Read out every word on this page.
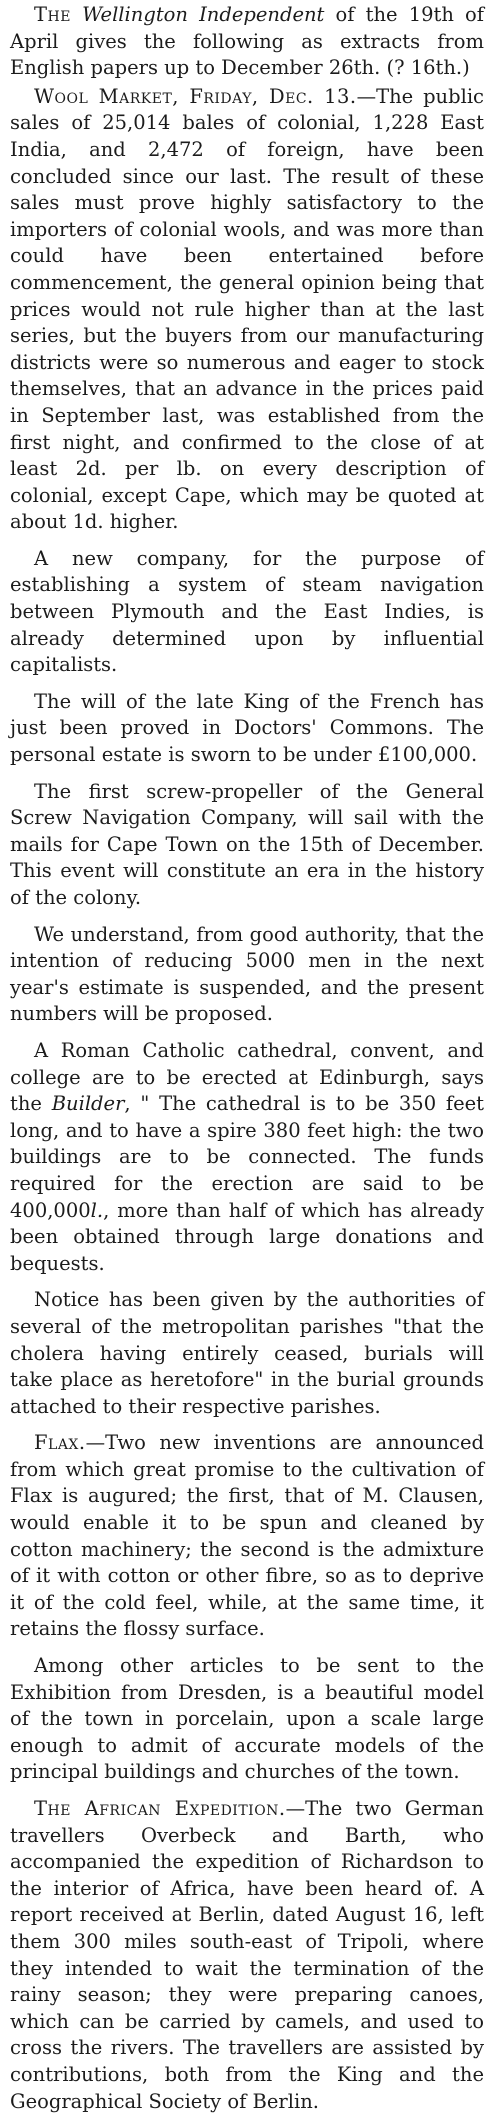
The Wellington Independent of the 19th of April gives the following as extracts from English papers up to December 26th. (? 16th.)

Wool Market, Friday, Dec. 13.—The public sales of 25,014 bales of colonial, 1,228 East India, and 2,472 of foreign, have been concluded since our last. The result of these sales must prove highly satisfactory to the importers of colonial wools, and was more than could have been entertained before commencement, the general opinion being that prices would not rule higher than at the last series, but the buyers from our manufacturing districts were so numerous and eager to stock themselves, that an advance in the prices paid in September last, was established from the first night, and confirmed to the close of at least 2d. per lb. on every description of colonial, except Cape, which may be quoted at about 1d. higher.

A new company, for the purpose of establishing a system of steam navigation between Plymouth and the East Indies, is already determined upon by influential capitalists.

The will of the late King of the French has just been proved in Doctors' Commons. The personal estate is sworn to be under £100,000.

The first screw-propeller of the General Screw Navigation Company, will sail with the mails for Cape Town on the 15th of December. This event will constitute an era in the history of the colony.

We understand, from good authority, that the intention of reducing 5000 men in the next year's estimate is suspended, and the present numbers will be proposed.

A Roman Catholic cathedral, convent, and college are to be erected at Edinburgh, says the Builder, " The cathedral is to be 350 feet long, and to have a spire 380 feet high: the two buildings are to be connected. The funds required for the erection are said to be 400,000l., more than half of which has already been obtained through large donations and bequests.

Notice has been given by the authorities of several of the metropolitan parishes "that the cholera having entirely ceased, burials will take place as heretofore" in the burial grounds attached to their respective parishes.

Flax.—Two new inventions are announced from which great promise to the cultivation of Flax is augured; the first, that of M. Clausen, would enable it to be spun and cleaned by cotton machinery; the second is the admixture of it with cotton or other fibre, so as to deprive it of the cold feel, while, at the same time, it retains the flossy surface.

Among other articles to be sent to the Exhibition from Dresden, is a beautiful model of the town in porcelain, upon a scale large enough to admit of accurate models of the principal buildings and churches of the town.

The African Expedition.—The two German travellers Overbeck and Barth, who accompanied the expedition of Richardson to the interior of Africa, have been heard of. A report received at Berlin, dated August 16, left them 300 miles south-east of Tripoli, where they intended to wait the termination of the rainy season; they were preparing canoes, which can be carried by camels, and used to cross the rivers. The travellers are assisted by contributions, both from the King and the Geographical Society of Berlin.
